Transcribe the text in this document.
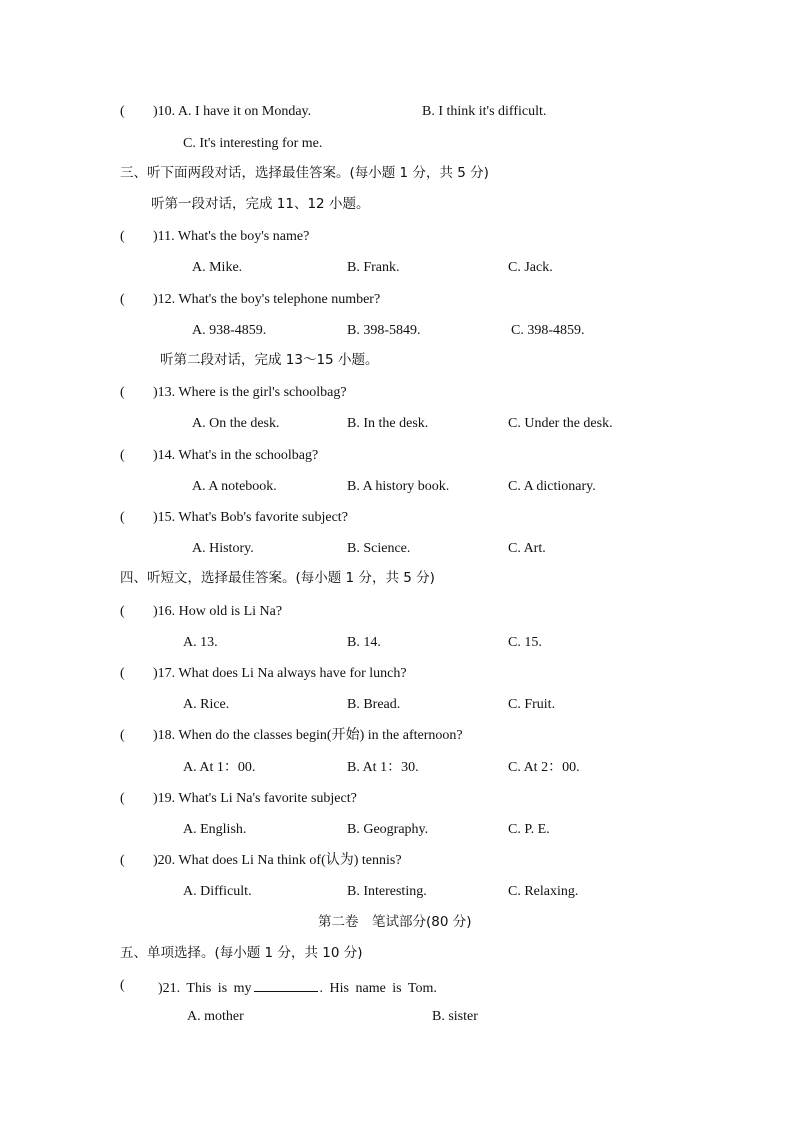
( )10. A. I have it on Monday.	B. I think it's difficult.
C. It's interesting for me.
三、听下面两段对话，选择最佳答案。(每小题 1 分，共 5 分)
听第一段对话，完成 11、12 小题。
( )11. What's the boy's name?
A. Mike.	B. Frank.	C. Jack.
( )12. What's the boy's telephone number?
A. 938-4859.	B. 398-5849.	C. 398-4859.
听第二段对话，完成 13～15 小题。
( )13. Where is the girl's schoolbag?
A. On the desk.	B. In the desk.	C. Under the desk.
( )14. What's in the schoolbag?
A. A notebook.	B. A history book.	C. A dictionary.
( )15. What's Bob's favorite subject?
A. History.	B. Science.	C. Art.
四、听短文，选择最佳答案。(每小题 1 分，共 5 分)
( )16. How old is Li Na?
A. 13.	B. 14.	C. 15.
( )17. What does Li Na always have for lunch?
A. Rice.	B. Bread.	C. Fruit.
( )18. When do the classes begin(开始) in the afternoon?
A. At 1：00.	B. At 1：30.	C. At 2：00.
( )19. What's Li Na's favorite subject?
A. English.	B. Geography.	C. P. E.
( )20. What does Li Na think of(认为) tennis?
A. Difficult.	B. Interesting.	C. Relaxing.
第二卷　笔试部分(80 分)
五、单项选择。(每小题 1 分，共 10 分)
( )21. This is my	. His name is Tom.
A. mother	B. sister
